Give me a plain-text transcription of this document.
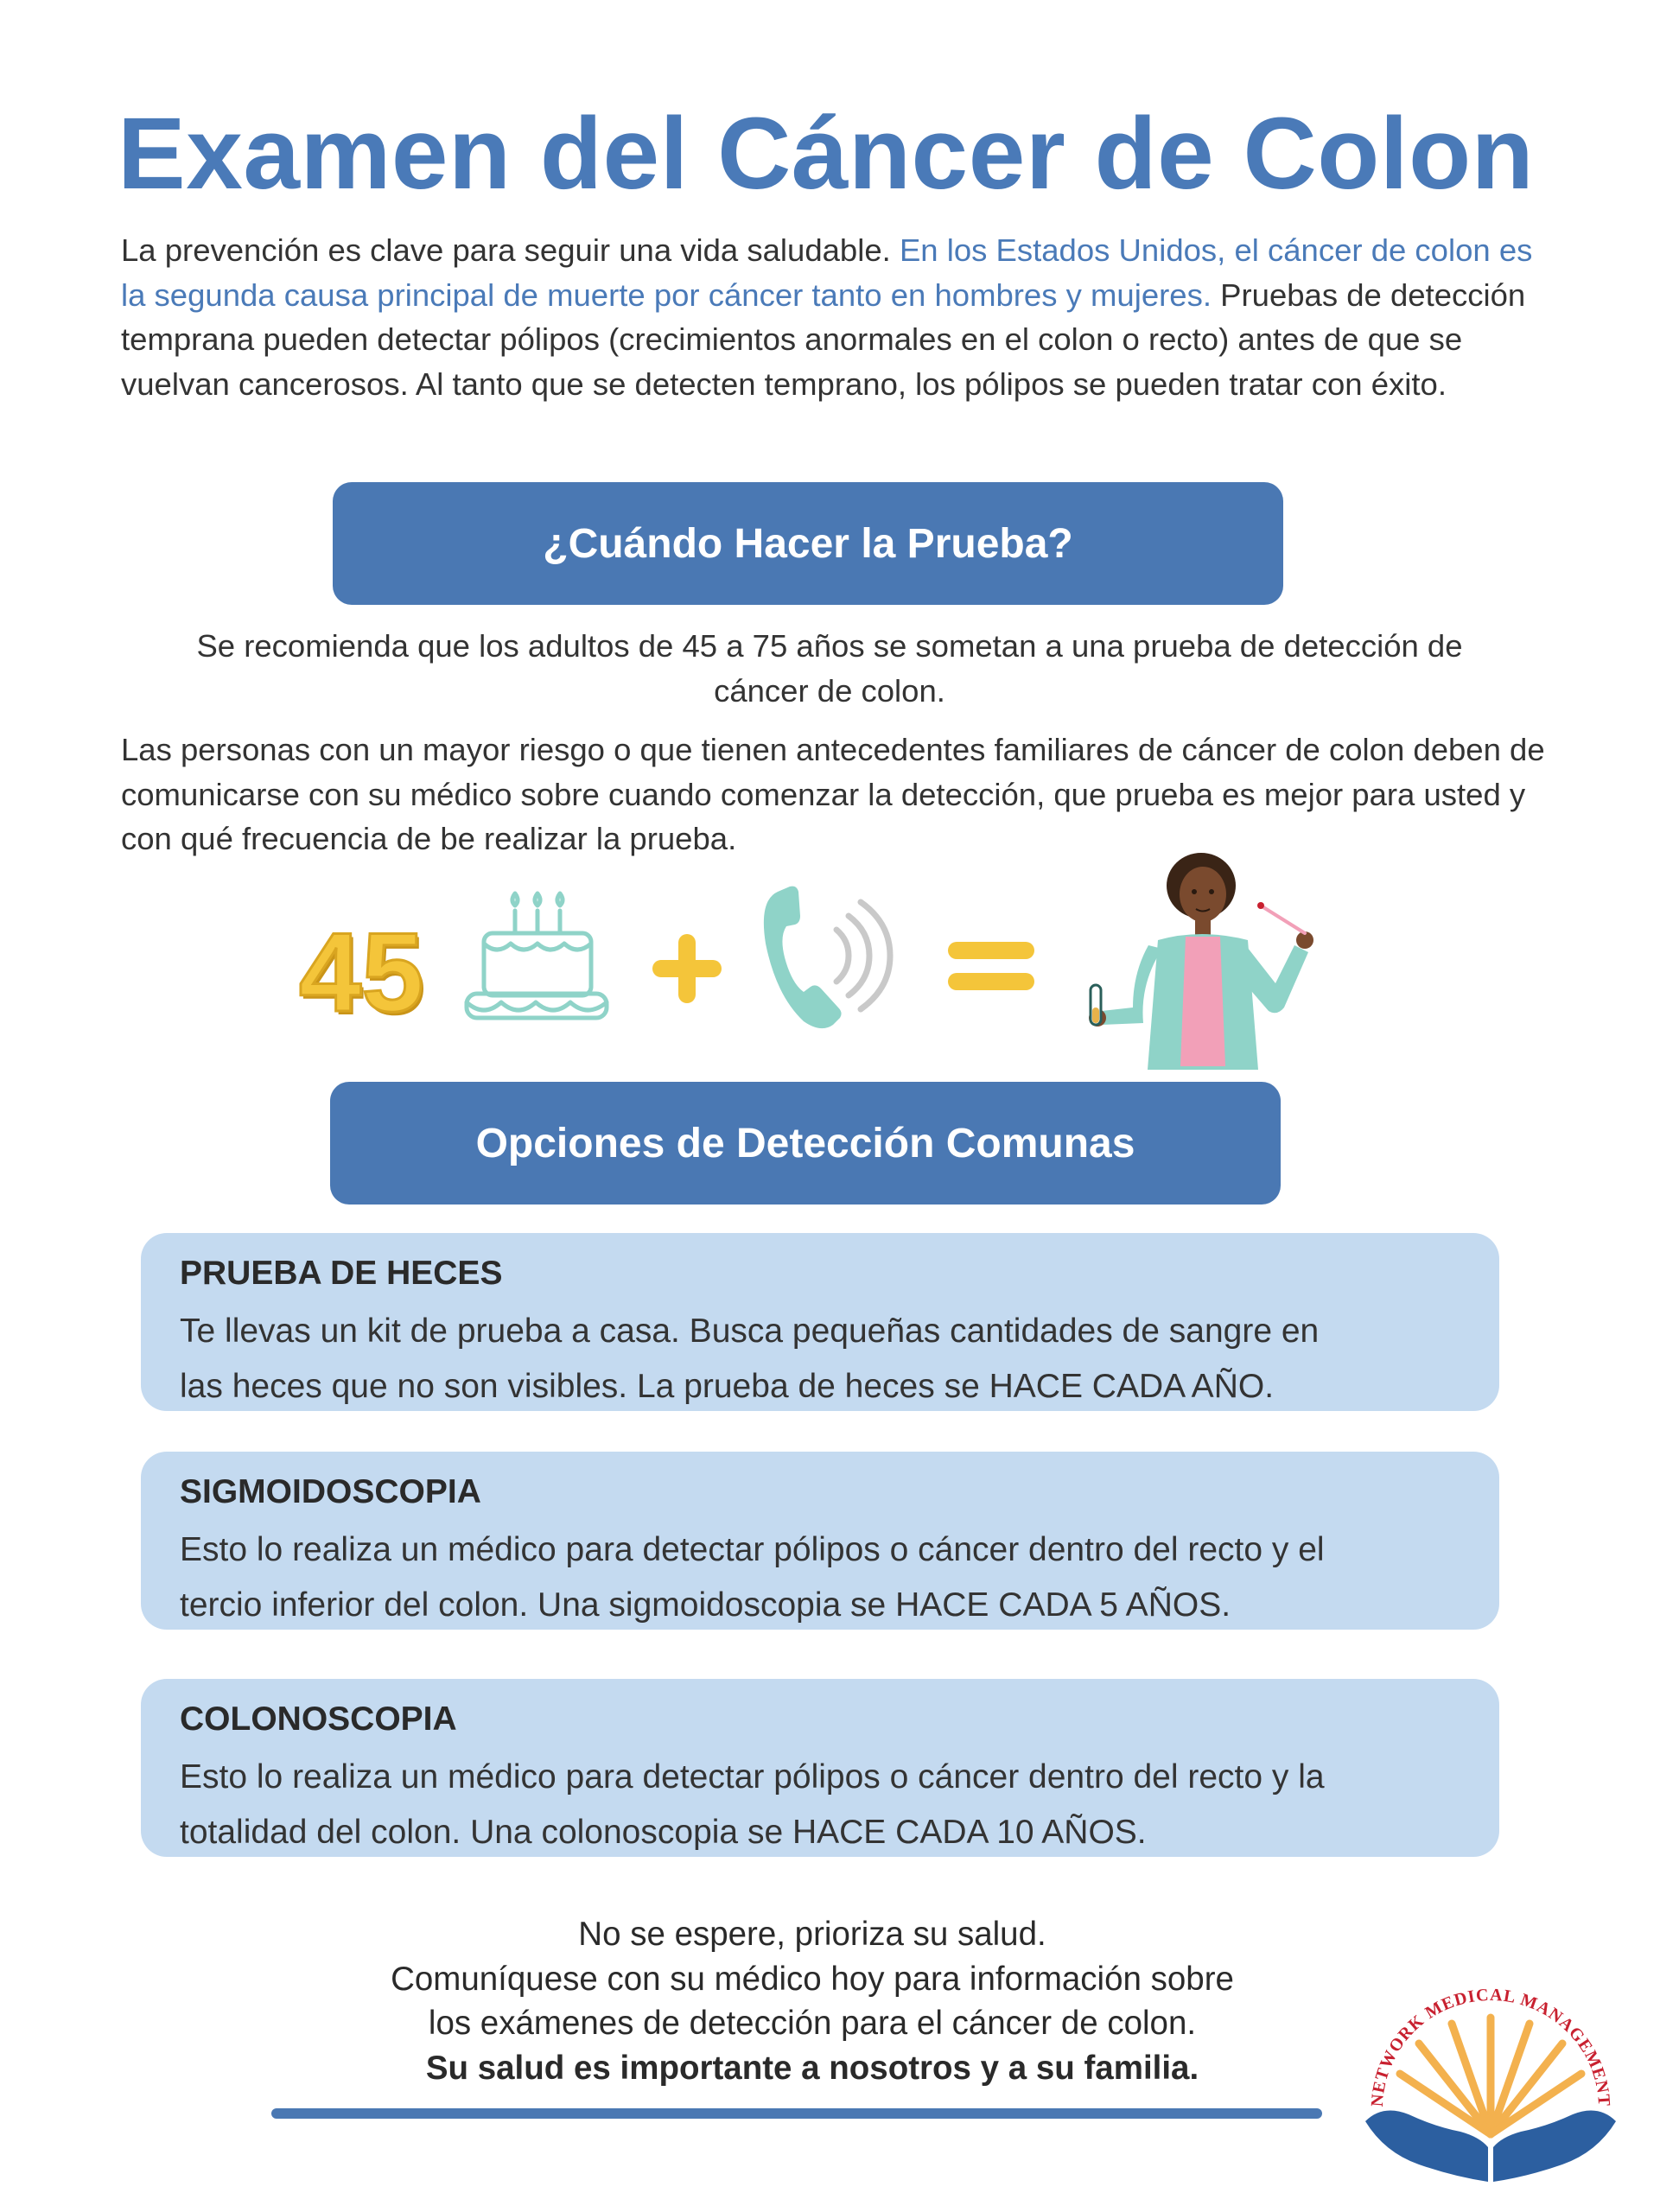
Examen del Cáncer de Colon

La prevención es clave para seguir una vida saludable. En los Estados Unidos, el cáncer de colon es la segunda causa principal de muerte por cáncer tanto en hombres y mujeres. Pruebas de detección temprana pueden detectar pólipos (crecimientos anormales en el colon o recto) antes de que se vuelvan cancerosos. Al tanto que se detecten temprano, los pólipos se pueden tratar con éxito.

¿Cuándo Hacer la Prueba?

Se recomienda que los adultos de 45 a 75 años se sometan a una prueba de detección de cáncer de colon.

Las personas con un mayor riesgo o que tienen antecedentes familiares de cáncer de colon deben de comunicarse con su médico sobre cuando comenzar la detección, que prueba es mejor para usted y con qué frecuencia de be realizar la prueba.

45
Opciones de Detección Comunas
PRUEBA DE HECES
Te llevas un kit de prueba a casa. Busca pequeñas cantidades de sangre en
las heces que no son visibles. La prueba de heces se HACE CADA AÑO.
SIGMOIDOSCOPIA
Esto lo realiza un médico para detectar pólipos o cáncer dentro del recto y el
tercio inferior del colon. Una sigmoidoscopia se HACE CADA 5 AÑOS.
COLONOSCOPIA
Esto lo realiza un médico para detectar pólipos o cáncer dentro del recto y la
totalidad del colon. Una colonoscopia se HACE CADA 10 AÑOS.
No se espere, prioriza su salud.
Comuníquese con su médico hoy para información sobre
los exámenes de detección para el cáncer de colon.
Su salud es importante a nosotros y a su familia.
NETWORK MEDICAL MANAGEMENT
